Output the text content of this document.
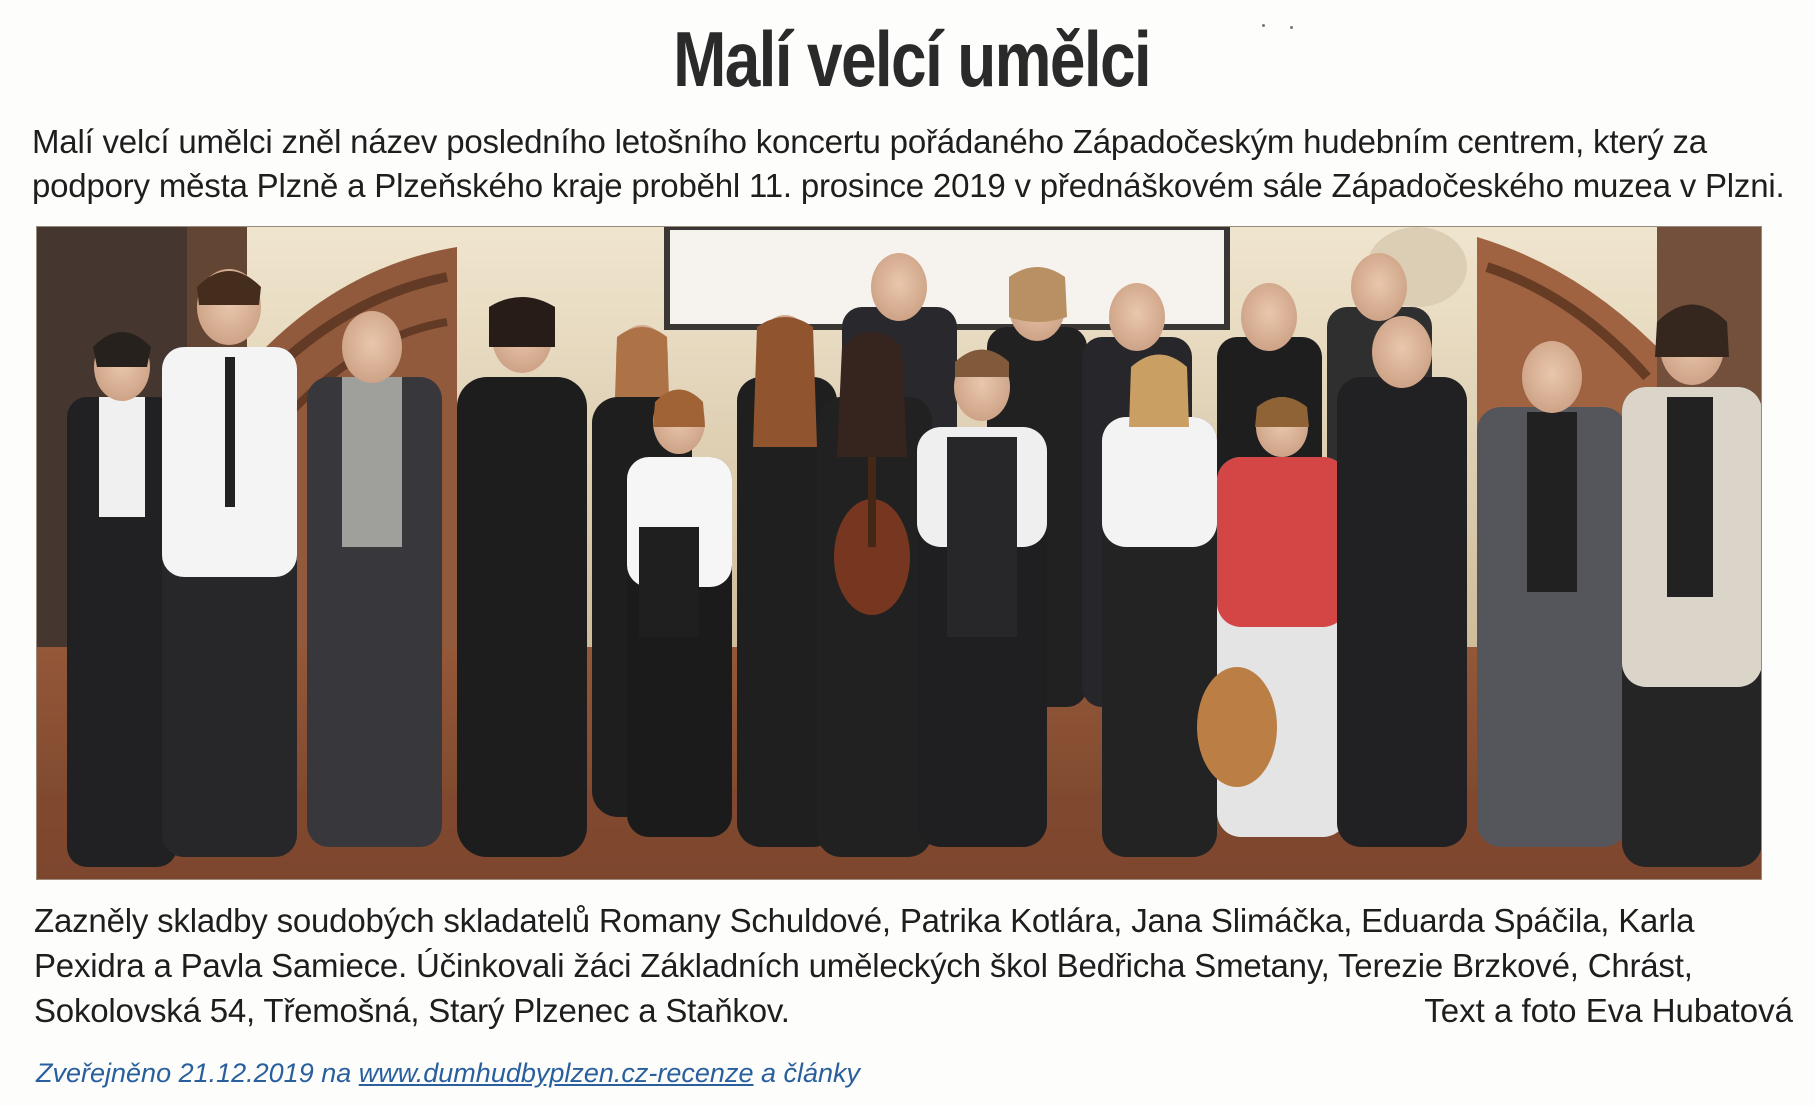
Malí velcí umělci
Malí velcí umělci zněl název posledního letošního koncertu pořádaného Západočeským hudebním centrem, který za podpory města Plzně a Plzeňského kraje proběhl 11. prosince 2019 v přednáškovém sále Západočeského muzea v Plzni.
Zazněly skladby soudobých skladatelů Romany Schuldové, Patrika Kotlára, Jana Slimáčka, Eduarda Spáčila, Karla Pexidra a Pavla Samiece. Účinkovali žáci Základních uměleckých škol Bedřicha Smetany, Terezie Brzkové, Chrást, Sokolovská 54, Třemošná, Starý Plzenec a Staňkov.	Text a foto Eva Hubatová
Zveřejněno 21.12.2019 na www.dumhudbyplzen.cz-recenze a články
